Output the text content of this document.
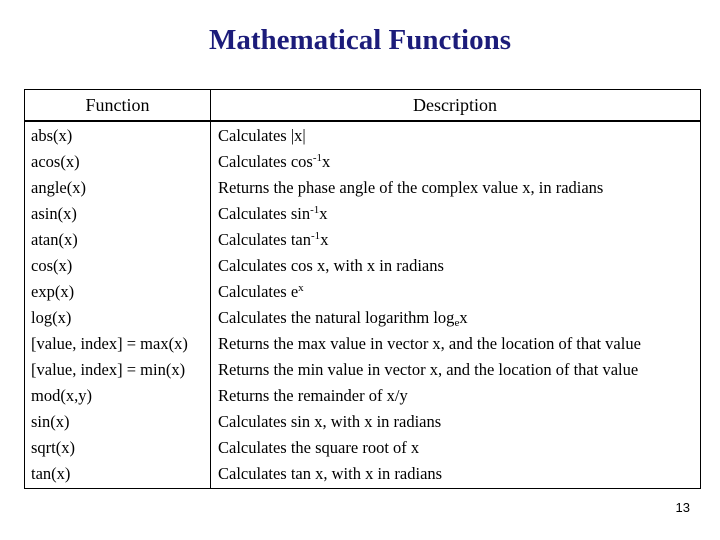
Mathematical Functions
Function	Description
abs(x)
acos(x)
angle(x)
asin(x)
atan(x)
cos(x)
exp(x)
log(x)
[value, index] = max(x)
[value, index] = min(x)
mod(x,y)
sin(x)
sqrt(x)
tan(x)
Calculates |x|
Calculates $\cos^{-1}x$
Returns the phase angle of the complex value x, in radians
Calculates $\sin^{-1}x$
Calculates $\tan^{-1}x$
Calculates cos x, with x in radians
Calculates $e^x$
Calculates the natural logarithm $\log_ex$
Returns the max value in vector x, and the location of that value
Returns the min value in vector x, and the location of that value
Returns the remainder of x/y
Calculates sin x, with x in radians
Calculates the square root of x
Calculates tan x, with x in radians
13
